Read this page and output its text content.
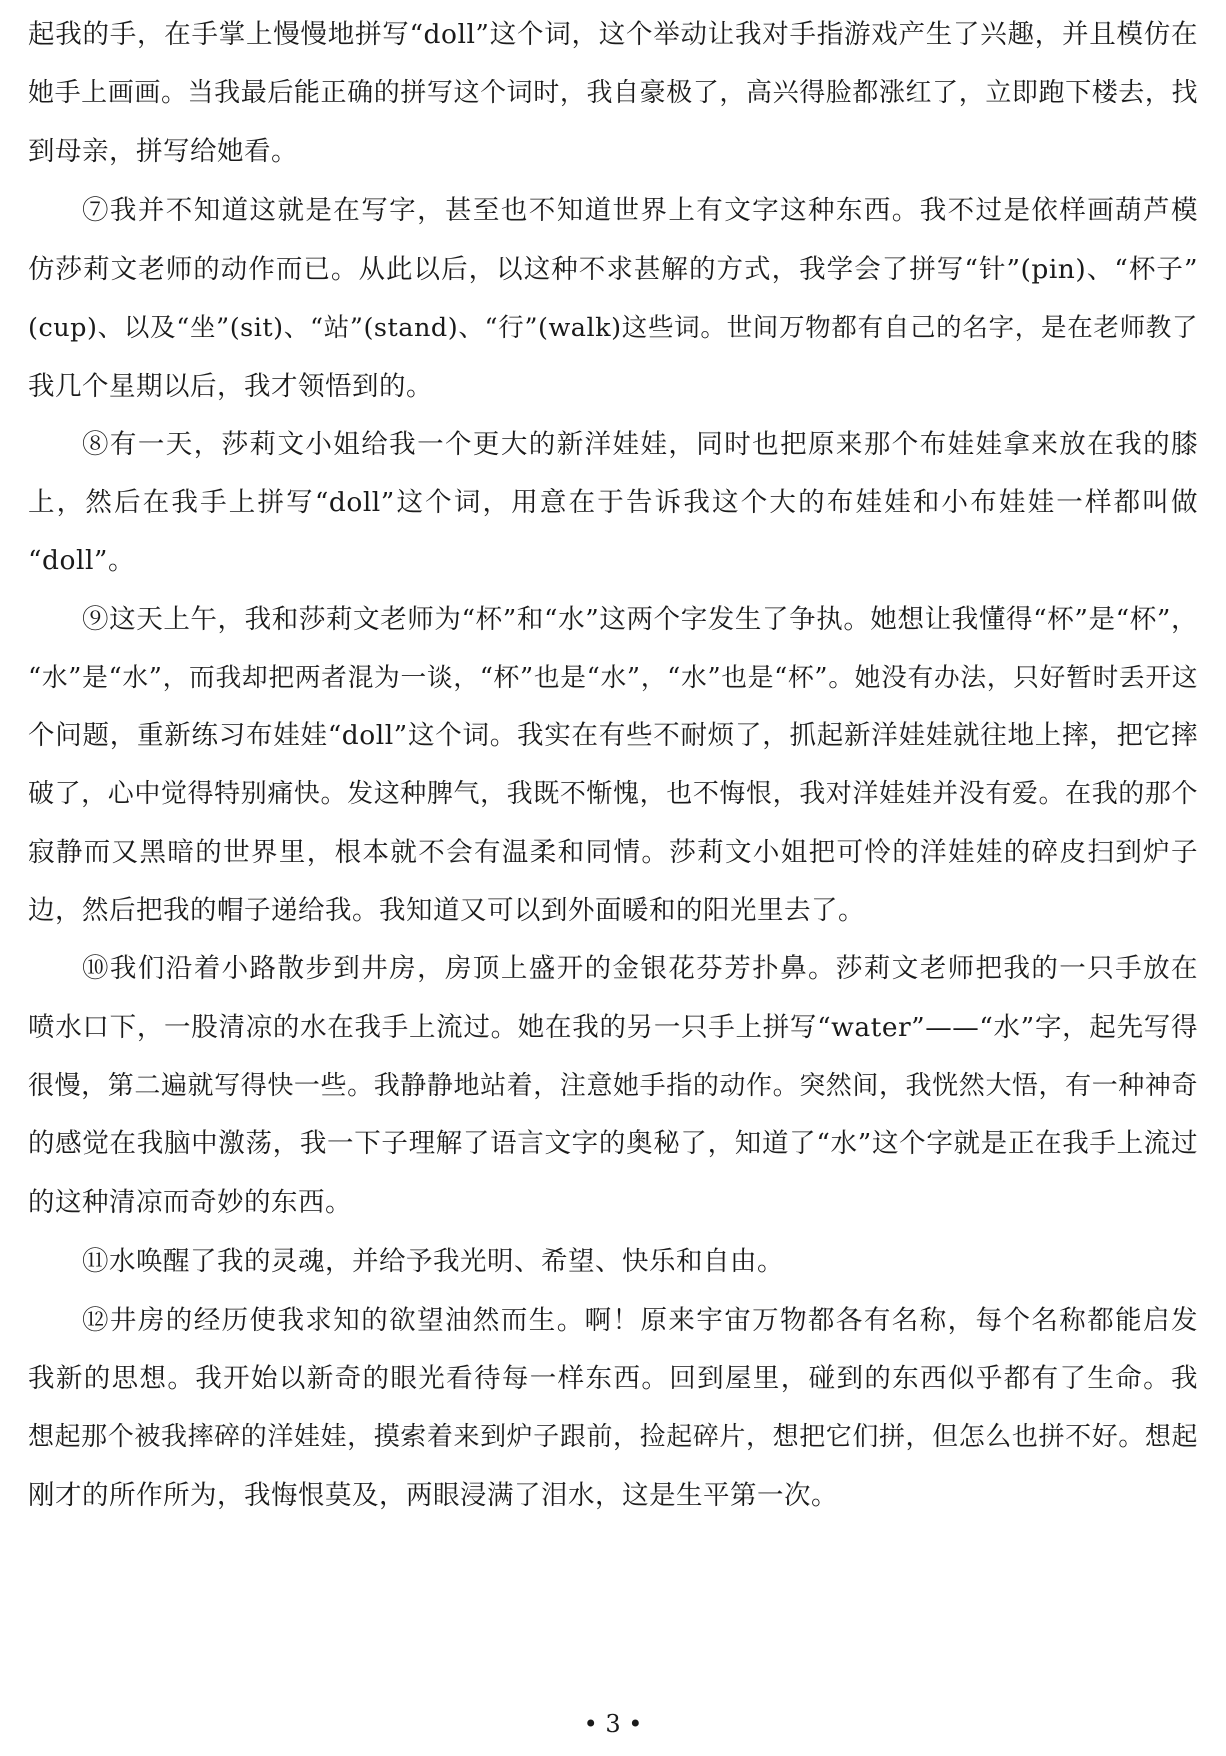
起我的手，在手掌上慢慢地拼写“doll”这个词，这个举动让我对手指游戏产生了兴趣，并且模仿在
她手上画画。当我最后能正确的拼写这个词时，我自豪极了，高兴得脸都涨红了，立即跑下楼去，找
到母亲，拼写给她看。
⑦我并不知道这就是在写字，甚至也不知道世界上有文字这种东西。我不过是依样画葫芦模
仿莎莉文老师的动作而已。从此以后，以这种不求甚解的方式，我学会了拼写“针”(pin)、“杯子”
(cup)、以及“坐”(sit)、“站”(stand)、“行”(walk)这些词。世间万物都有自己的名字，是在老师教了
我几个星期以后，我才领悟到的。
⑧有一天，莎莉文小姐给我一个更大的新洋娃娃，同时也把原来那个布娃娃拿来放在我的膝
上，然后在我手上拼写“doll”这个词，用意在于告诉我这个大的布娃娃和小布娃娃一样都叫做
“doll”。
⑨这天上午，我和莎莉文老师为“杯”和“水”这两个字发生了争执。她想让我懂得“杯”是“杯”，
“水”是“水”，而我却把两者混为一谈，“杯”也是“水”，“水”也是“杯”。她没有办法，只好暂时丢开这
个问题，重新练习布娃娃“doll”这个词。我实在有些不耐烦了，抓起新洋娃娃就往地上摔，把它摔
破了，心中觉得特别痛快。发这种脾气，我既不惭愧，也不悔恨，我对洋娃娃并没有爱。在我的那个
寂静而又黑暗的世界里，根本就不会有温柔和同情。莎莉文小姐把可怜的洋娃娃的碎皮扫到炉子
边，然后把我的帽子递给我。我知道又可以到外面暖和的阳光里去了。
⑩我们沿着小路散步到井房，房顶上盛开的金银花芬芳扑鼻。莎莉文老师把我的一只手放在
喷水口下，一股清凉的水在我手上流过。她在我的另一只手上拼写“water”——“水”字，起先写得
很慢，第二遍就写得快一些。我静静地站着，注意她手指的动作。突然间，我恍然大悟，有一种神奇
的感觉在我脑中激荡，我一下子理解了语言文字的奥秘了，知道了“水”这个字就是正在我手上流过
的这种清凉而奇妙的东西。
⑪水唤醒了我的灵魂，并给予我光明、希望、快乐和自由。
⑫井房的经历使我求知的欲望油然而生。啊！原来宇宙万物都各有名称，每个名称都能启发
我新的思想。我开始以新奇的眼光看待每一样东西。回到屋里，碰到的东西似乎都有了生命。我
想起那个被我摔碎的洋娃娃，摸索着来到炉子跟前，捡起碎片，想把它们拼，但怎么也拼不好。想起
刚才的所作所为，我悔恨莫及，两眼浸满了泪水，这是生平第一次。
• 3 •
